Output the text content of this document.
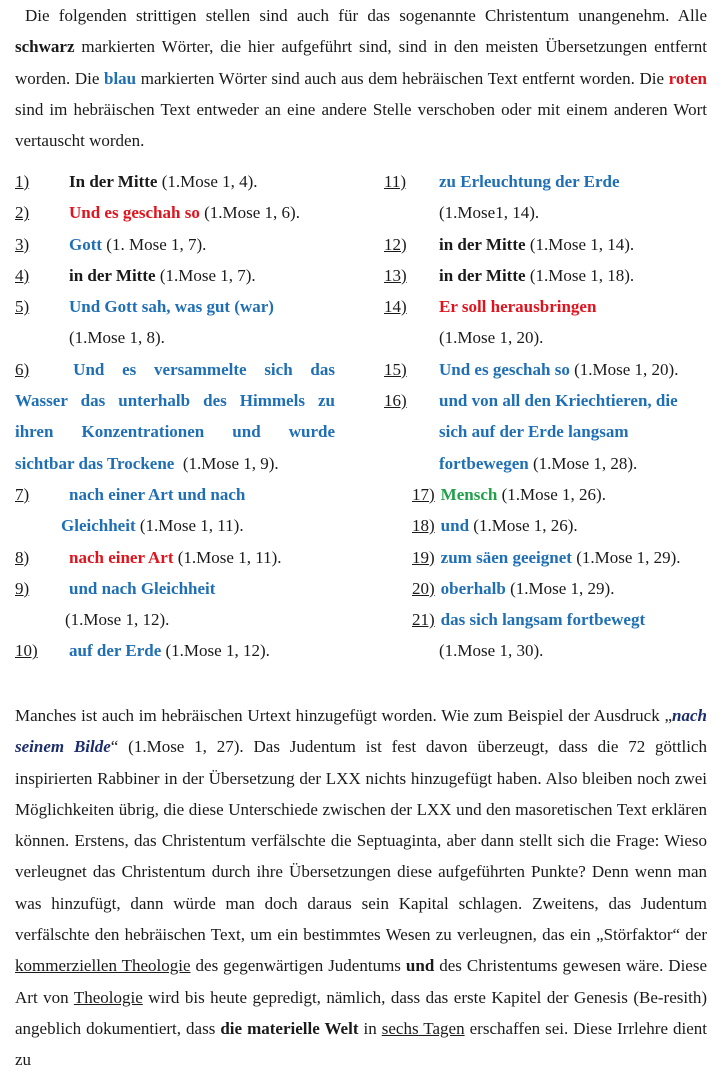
Die folgenden strittigen stellen sind auch für das sogenannte Christentum unangenehm. Alle schwarz markierten Wörter, die hier aufgeführt sind, sind in den meisten Übersetzungen entfernt worden. Die blau markierten Wörter sind auch aus dem hebräischen Text entfernt worden. Die roten sind im hebräischen Text entweder an eine andere Stelle verschoben oder mit einem anderen Wort vertauscht worden.
1) In der Mitte (1.Mose 1, 4).
2) Und es geschah so (1.Mose 1, 6).
3) Gott (1. Mose 1, 7).
4) in der Mitte (1.Mose 1, 7).
5) Und Gott sah, was gut (war)
(1.Mose 1, 8).
6)	Und es versammelte sich das
Wasser das unterhalb des Himmels zu
ihren Konzentrationen und wurde
sichtbar das Trockene  (1.Mose 1, 9).
7) nach einer Art und nach
Gleichheit (1.Mose 1, 11).
8) nach einer Art (1.Mose 1, 11).
9) und nach Gleichheit
(1.Mose 1, 12).
10) auf der Erde (1.Mose 1, 12).
11) zu Erleuchtung der Erde
(1.Mose1, 14).
12) in der Mitte (1.Mose 1, 14).
13) in der Mitte (1.Mose 1, 18).
14) Er soll herausbringen
(1.Mose 1, 20).
15) Und es geschah so (1.Mose 1, 20).
16) und von all den Kriechtieren, die
sich auf der Erde langsam
fortbewegen (1.Mose 1, 28).
17) Mensch (1.Mose 1, 26).
18) und (1.Mose 1, 26).
19) zum säen geeignet (1.Mose 1, 29).
20) oberhalb (1.Mose 1, 29).
21) das sich langsam fortbewegt
(1.Mose 1, 30).
Manches ist auch im hebräischen Urtext hinzugefügt worden. Wie zum Beispiel der Ausdruck „nach seinem Bilde“ (1.Mose 1, 27). Das Judentum ist fest davon überzeugt, dass die 72 göttlich inspirierten Rabbiner in der Übersetzung der LXX nichts hinzugefügt haben. Also bleiben noch zwei Möglichkeiten übrig, die diese Unterschiede zwischen der LXX und den masoretischen Text erklären können. Erstens, das Christentum verfälschte die Septuaginta, aber dann stellt sich die Frage: Wieso verleugnet das Christentum durch ihre Übersetzungen diese aufgeführten Punkte? Denn wenn man was hinzufügt, dann würde man doch daraus sein Kapital schlagen. Zweitens, das Judentum verfälschte den hebräischen Text, um ein bestimmtes Wesen zu verleugnen, das ein „Störfaktor“ der kommerziellen Theologie des gegenwärtigen Judentums und des Christentums gewesen wäre. Diese Art von Theologie wird bis heute gepredigt, nämlich, dass das erste Kapitel der Genesis (Be-resith) angeblich dokumentiert, dass die materielle Welt in sechs Tagen erschaffen sei. Diese Irrlehre dient zu
